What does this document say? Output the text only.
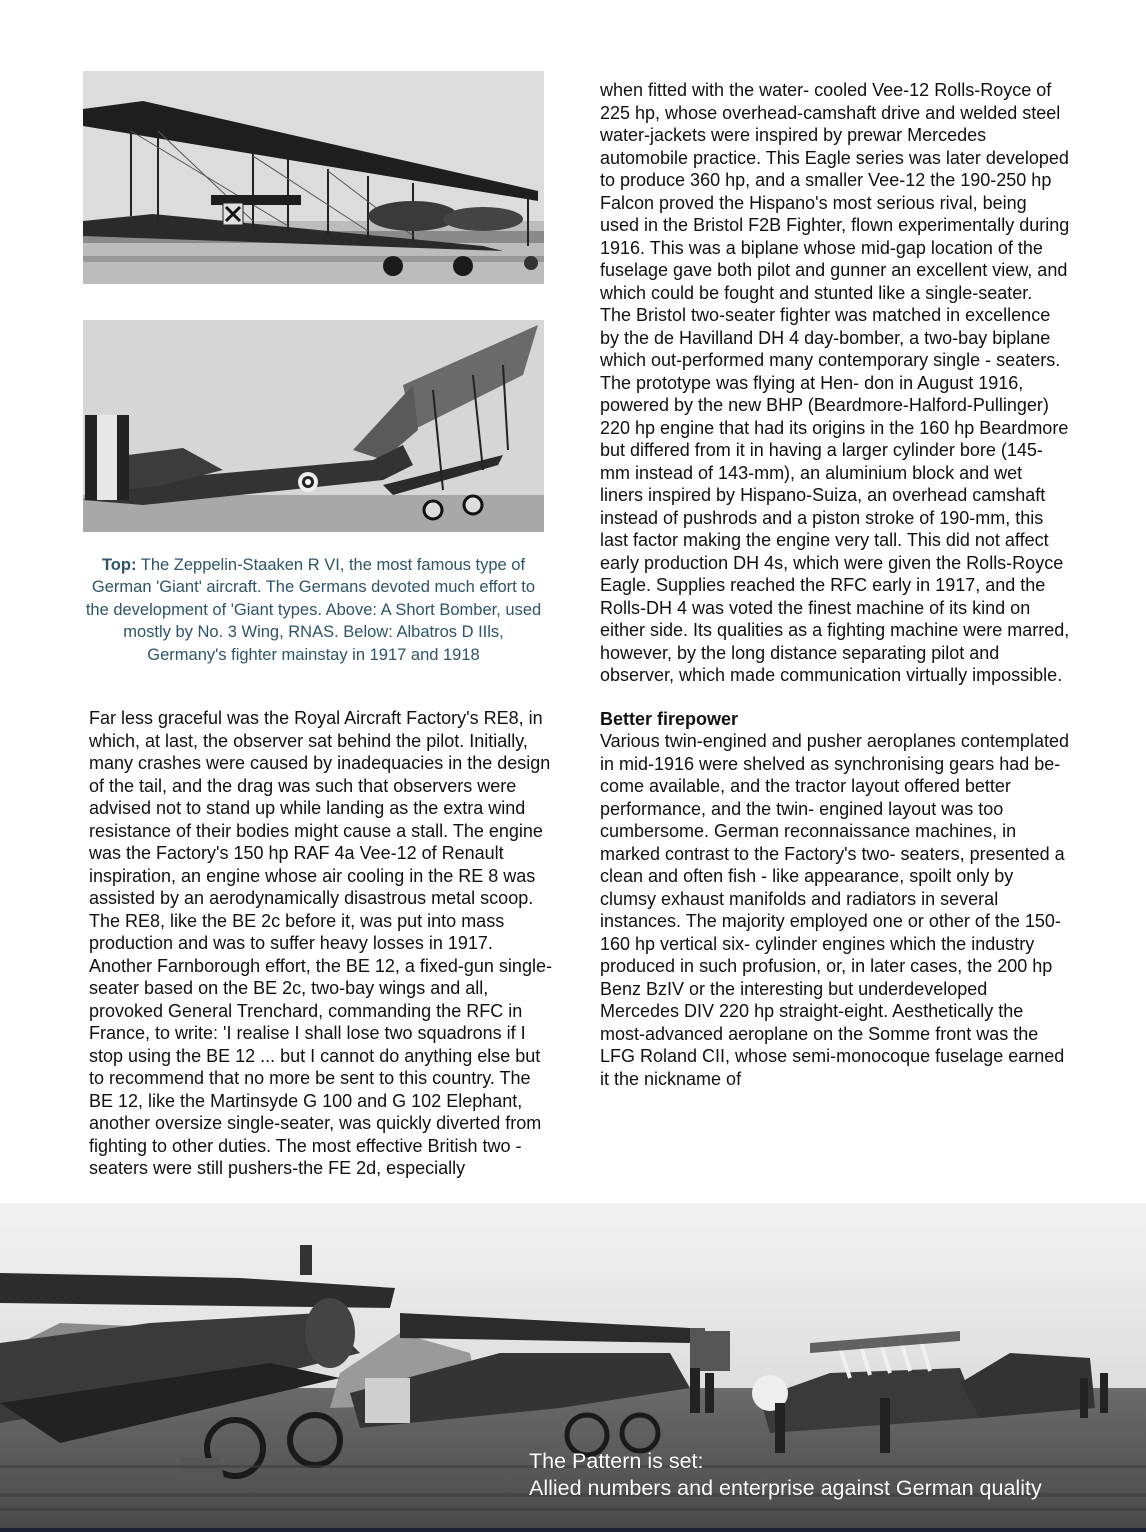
Top: The Zeppelin-Staaken R VI, the most famous type of German 'Giant' aircraft. The Germans devoted much effort to the development of 'Giant types. Above: A Short Bomber, used mostly by No. 3 Wing, RNAS. Below: Albatros D IIls, Germany's fighter mainstay in 1917 and 1918

Far less graceful was the Royal Aircraft Factory's RE8, in which, at last, the observer sat behind the pilot. Initially, many crashes were caused by inadequacies in the design of the tail, and the drag was such that observers were advised not to stand up while landing as the extra wind resistance of their bodies might cause a stall. The engine was the Factory's 150 hp RAF 4a Vee-12 of Renault inspiration, an engine whose air cooling in the RE 8 was assisted by an aerodynamically disastrous metal scoop. The RE8, like the BE 2c before it, was put into mass production and was to suffer heavy losses in 1917. Another Farnborough effort, the BE 12, a fixed-gun single-seater based on the BE 2c, two-bay wings and all, provoked General Trenchard, commanding the RFC in France, to write: 'I realise I shall lose two squadrons if I stop using the BE 12 ... but I cannot do anything else but to recommend that no more be sent to this country. The BE 12, like the Martinsyde G 100 and G 102 Elephant, another oversize single-seater, was quickly diverted from fighting to other duties. The most effective British two - seaters were still pushers-the FE 2d, especially

when fitted with the water- cooled Vee-12 Rolls-Royce of 225 hp, whose overhead-camshaft drive and welded steel water-jackets were inspired by prewar Mercedes automobile practice. This Eagle series was later developed to produce 360 hp, and a smaller Vee-12 the 190-250 hp Falcon proved the Hispano's most serious rival, being used in the Bristol F2B Fighter, flown experimentally during 1916. This was a biplane whose mid-gap location of the fuselage gave both pilot and gunner an excellent view, and which could be fought and stunted like a single-seater.

The Bristol two-seater fighter was matched in excellence by the de Havilland DH 4 day-bomber, a two-bay biplane which out-performed many contemporary single - seaters. The prototype was flying at Hen- don in August 1916, powered by the new BHP (Beardmore-Halford-Pullinger) 220 hp engine that had its origins in the 160 hp Beardmore but differed from it in having a larger cylinder bore (145-mm instead of 143-mm), an aluminium block and wet liners inspired by Hispano-Suiza, an overhead camshaft instead of pushrods and a piston stroke of 190-mm, this last factor making the engine very tall. This did not affect early production DH 4s, which were given the Rolls-Royce Eagle. Supplies reached the RFC early in 1917, and the Rolls-DH 4 was voted the finest machine of its kind on either side. Its qualities as a fighting machine were marred, however, by the long distance separating pilot and observer, which made communication virtually impossible.

Better firepower

Various twin-engined and pusher aeroplanes contemplated in mid-1916 were shelved as synchronising gears had be- come available, and the tractor layout offered better performance, and the twin- engined layout was too cumbersome. German reconnaissance machines, in marked contrast to the Factory's two- seaters, presented a clean and often fish - like appearance, spoilt only by clumsy exhaust manifolds and radiators in several instances. The majority employed one or other of the 150-160 hp vertical six- cylinder engines which the industry produced in such profusion, or, in later cases, the 200 hp Benz BzIV or the interesting but underdeveloped Mercedes DIV 220 hp straight-eight. Aesthetically the most-advanced aeroplane on the Somme front was the LFG Roland CII, whose semi-monocoque fuselage earned it the nickname of

The Pattern is set:
Allied numbers and enterprise against German quality
